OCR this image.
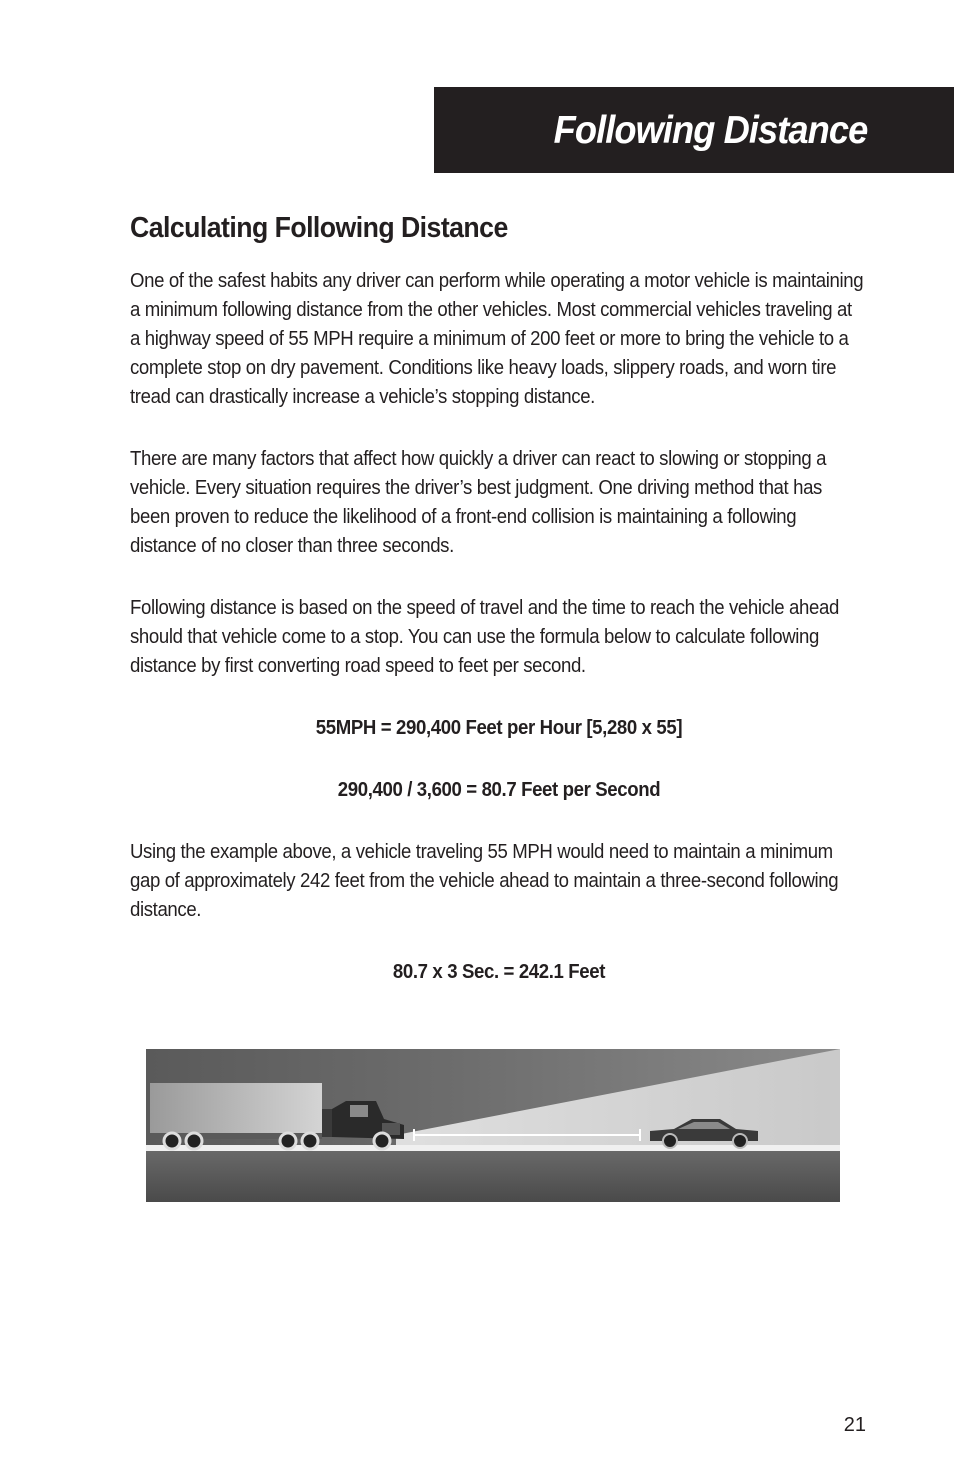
Following Distance
Calculating Following Distance

One of the safest habits any driver can perform while operating a motor vehicle is maintaining a minimum following distance from the other vehicles. Most commercial vehicles traveling at a highway speed of 55 MPH require a minimum of 200 feet or more to bring the vehicle to a complete stop on dry pavement. Conditions like heavy loads, slippery roads, and worn tire tread can drastically increase a vehicle’s stopping distance.

There are many factors that affect how quickly a driver can react to slowing or stopping a vehicle. Every situation requires the driver’s best judgment. One driving method that has been proven to reduce the likelihood of a front-end collision is maintaining a following distance of no closer than three seconds.

Following distance is based on the speed of travel and the time to reach the vehicle ahead should that vehicle come to a stop. You can use the formula below to calculate following distance by first converting road speed to feet per second.

55MPH = 290,400 Feet per Hour [5,280 x 55]

290,400 / 3,600 = 80.7 Feet per Second

Using the example above, a vehicle traveling 55 MPH would need to maintain a minimum gap of approximately 242 feet from the vehicle ahead to maintain a three-second following distance.

80.7 x 3 Sec. = 242.1 Feet

21
